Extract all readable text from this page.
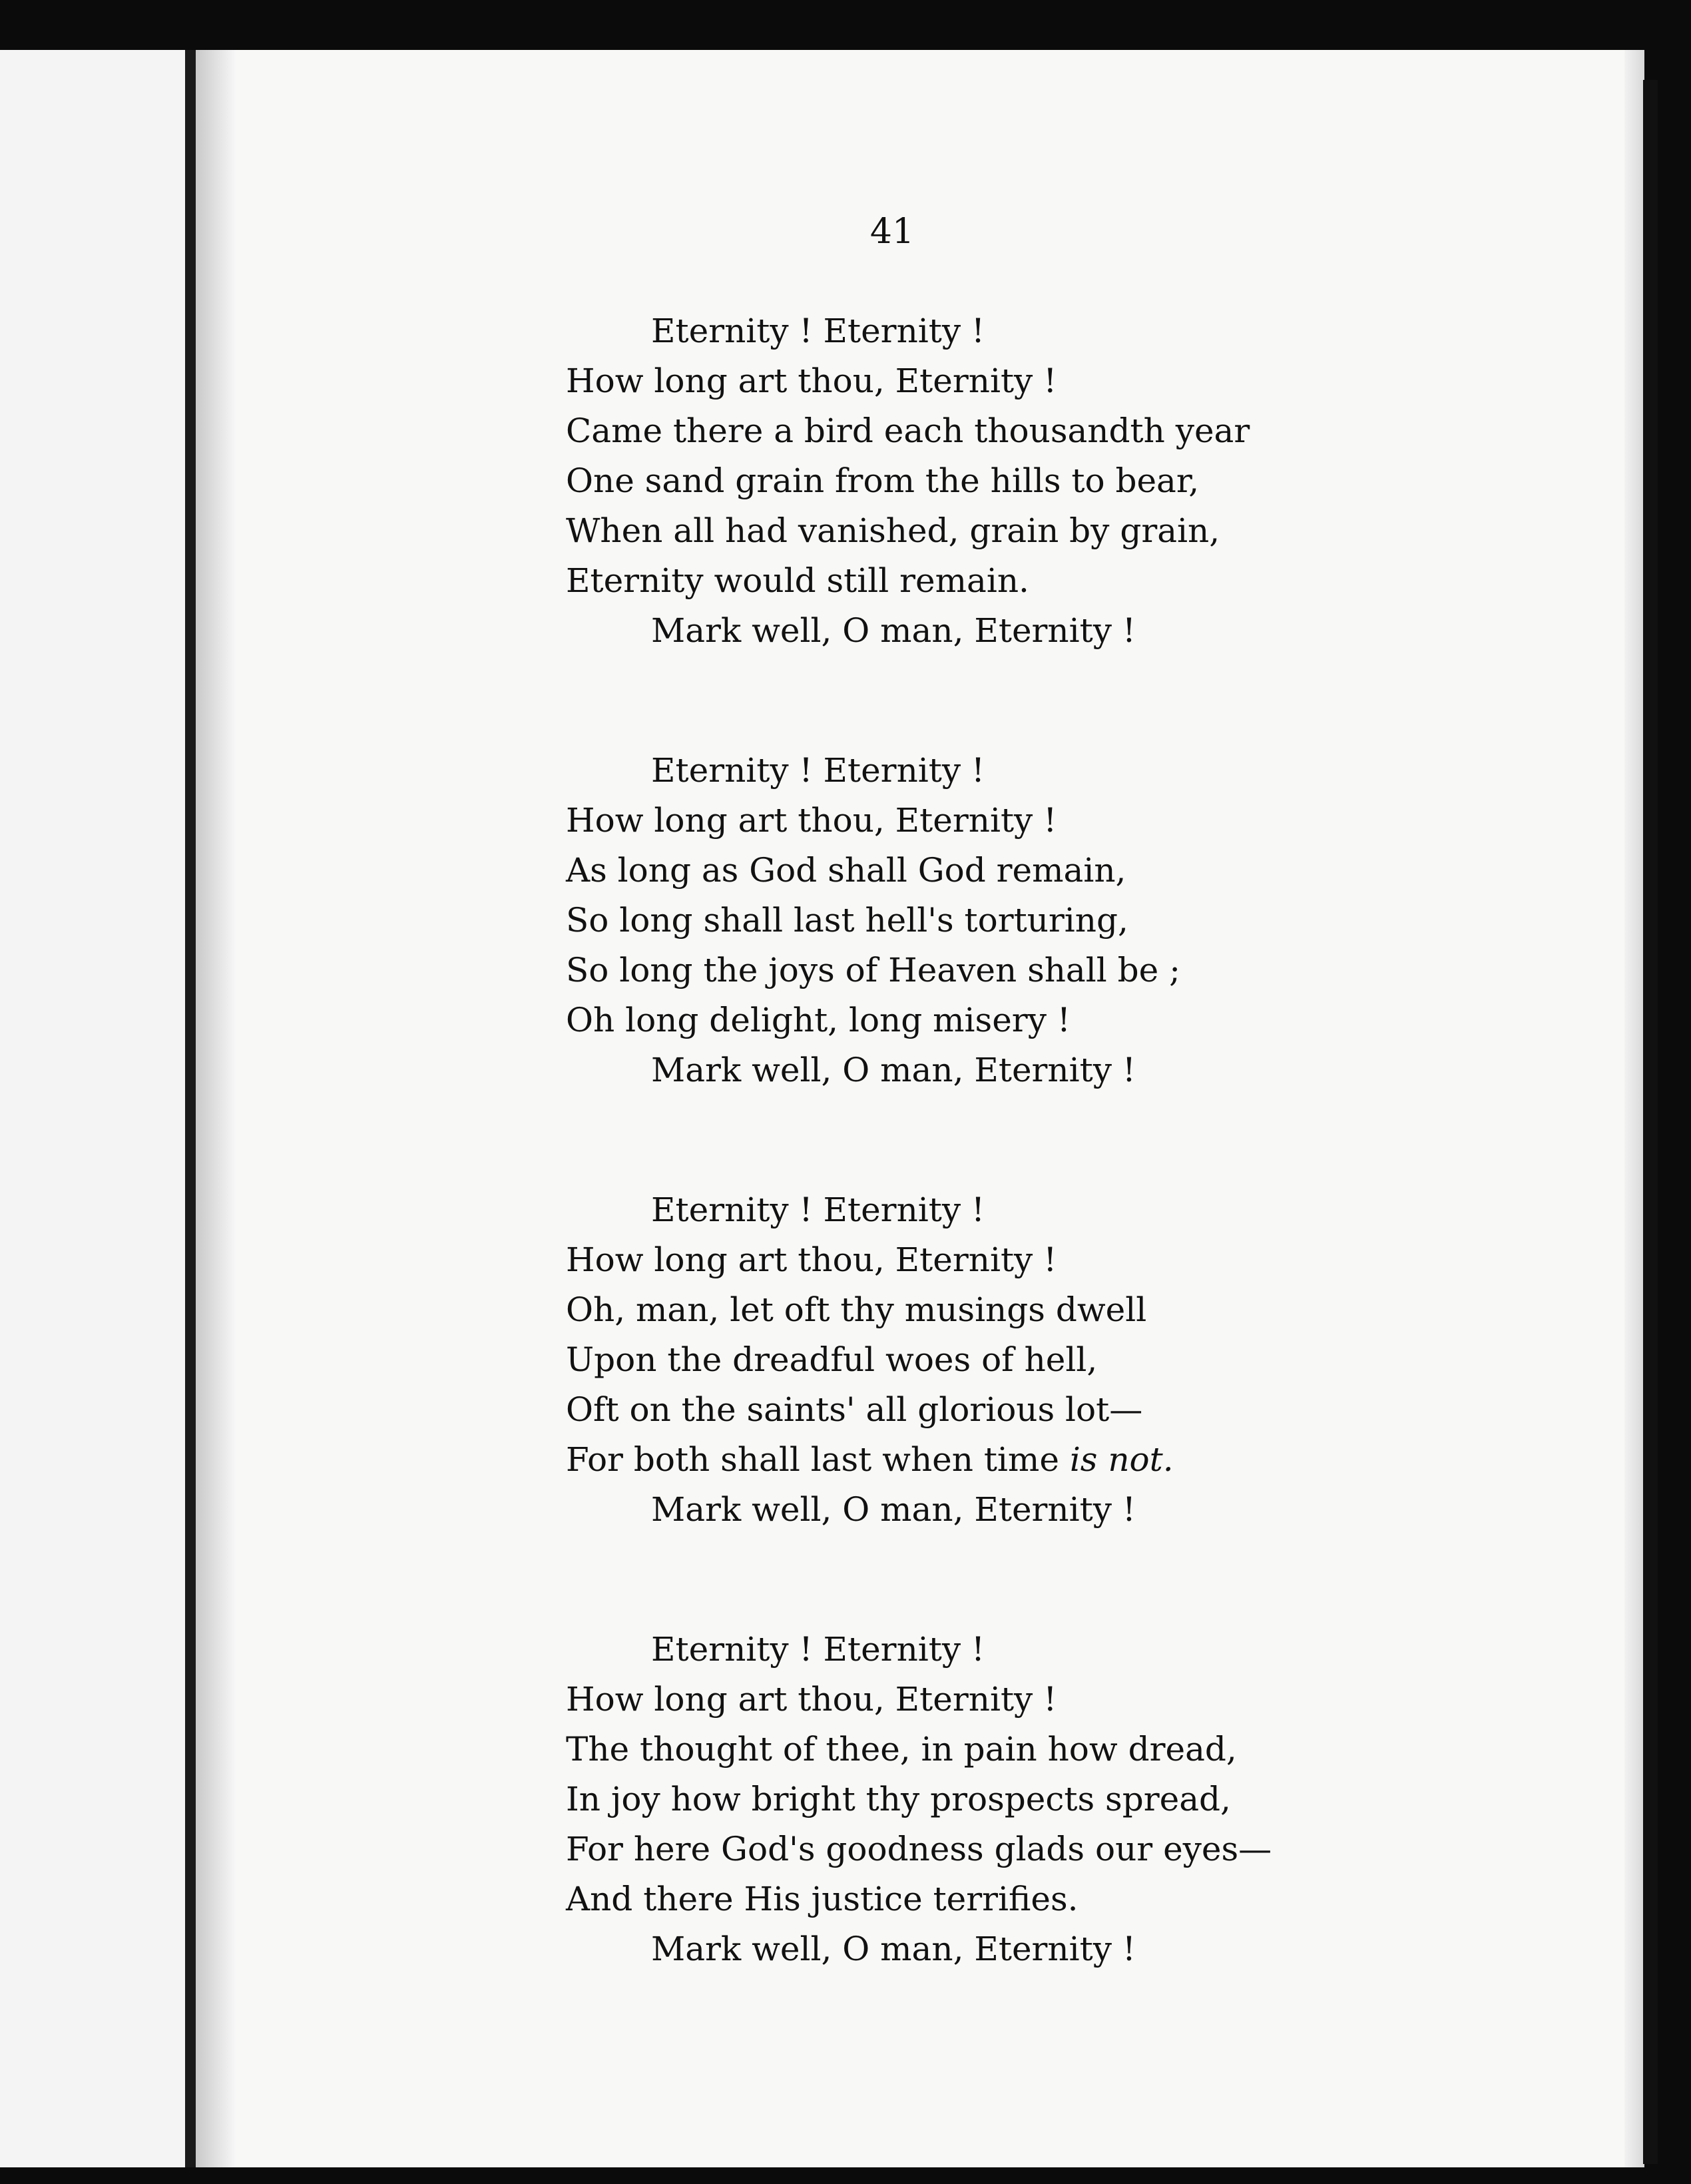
41
Eternity ! Eternity !
How long art thou, Eternity !
Came there a bird each thousandth year
One sand grain from the hills to bear,
When all had vanished, grain by grain,
Eternity would still remain.
Mark well, O man, Eternity !
Eternity ! Eternity !
How long art thou, Eternity !
As long as God shall God remain,
So long shall last hell's torturing,
So long the joys of Heaven shall be ;
Oh long delight, long misery !
Mark well, O man, Eternity !
Eternity ! Eternity !
How long art thou, Eternity !
Oh, man, let oft thy musings dwell
Upon the dreadful woes of hell,
Oft on the saints' all glorious lot—
For both shall last when time is not.
Mark well, O man, Eternity !
Eternity ! Eternity !
How long art thou, Eternity !
The thought of thee, in pain how dread,
In joy how bright thy prospects spread,
For here God's goodness glads our eyes—
And there His justice terrifies.
Mark well, O man, Eternity !
